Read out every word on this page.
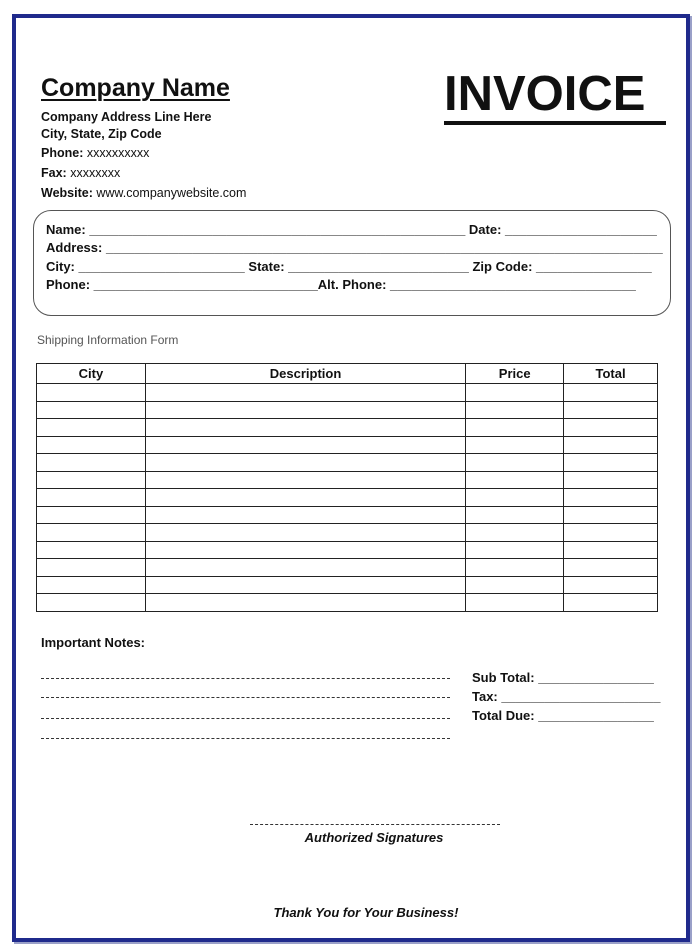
Company Name	INVOICE
Company Address Line Here
City, State, Zip Code
Phone: xxxxxxxxxx
Fax: xxxxxxxx
Website: www.companywebsite.com
Name: ____________________________________________________ Date: _____________________
Address: _____________________________________________________________________________
City: _______________________ State: _________________________ Zip Code: ________________
Phone: _______________________________Alt. Phone: __________________________________
Shipping Information Form
City	Description	Price	Total

Important Notes:
Sub Total: ________________
Tax: ______________________
Total Due: ________________
Authorized Signatures
Thank You for Your Business!
